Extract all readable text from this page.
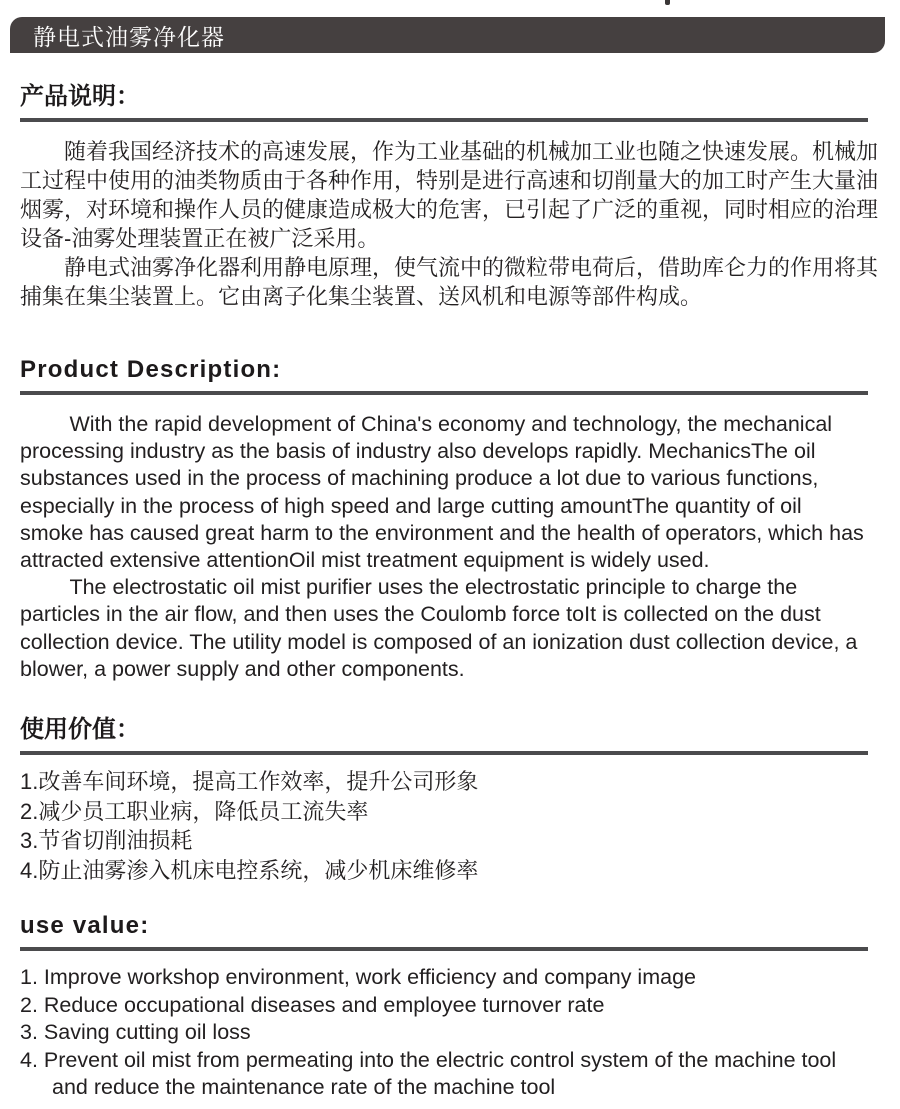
静电式油雾净化器
产品说明：

随着我国经济技术的高速发展，作为工业基础的机械加工业也随之快速发展。机械加工过程中使用的油类物质由于各种作用，特别是进行高速和切削量大的加工时产生大量油烟雾，对环境和操作人员的健康造成极大的危害，已引起了广泛的重视，同时相应的治理设备-油雾处理装置正在被广泛采用。

静电式油雾净化器利用静电原理，使气流中的微粒带电荷后，借助库仑力的作用将其捕集在集尘装置上。它由离子化集尘装置、送风机和电源等部件构成。

Product Description:

With the rapid development of China's economy and technology, the mechanical processing industry as the basis of industry also develops rapidly. MechanicsThe oil substances used in the process of machining produce a lot due to various functions, especially in the process of high speed and large cutting amountThe quantity of oil smoke has caused great harm to the environment and the health of operators, which has attracted extensive attentionOil mist treatment equipment is widely used.

The electrostatic oil mist purifier uses the electrostatic principle to charge the particles in the air flow, and then uses the Coulomb force toIt is collected on the dust collection device. The utility model is composed of an ionization dust collection device, a blower, a power supply and other components.

使用价值：
1.改善车间环境，提高工作效率，提升公司形象
2.减少员工职业病，降低员工流失率
3.节省切削油损耗
4.防止油雾渗入机床电控系统，减少机床维修率
use value:
1. Improve workshop environment, work efficiency and company image
2. Reduce occupational diseases and employee turnover rate
3. Saving cutting oil loss
4. Prevent oil mist from permeating into the electric control system of the machine tool and reduce the maintenance rate of the machine tool
